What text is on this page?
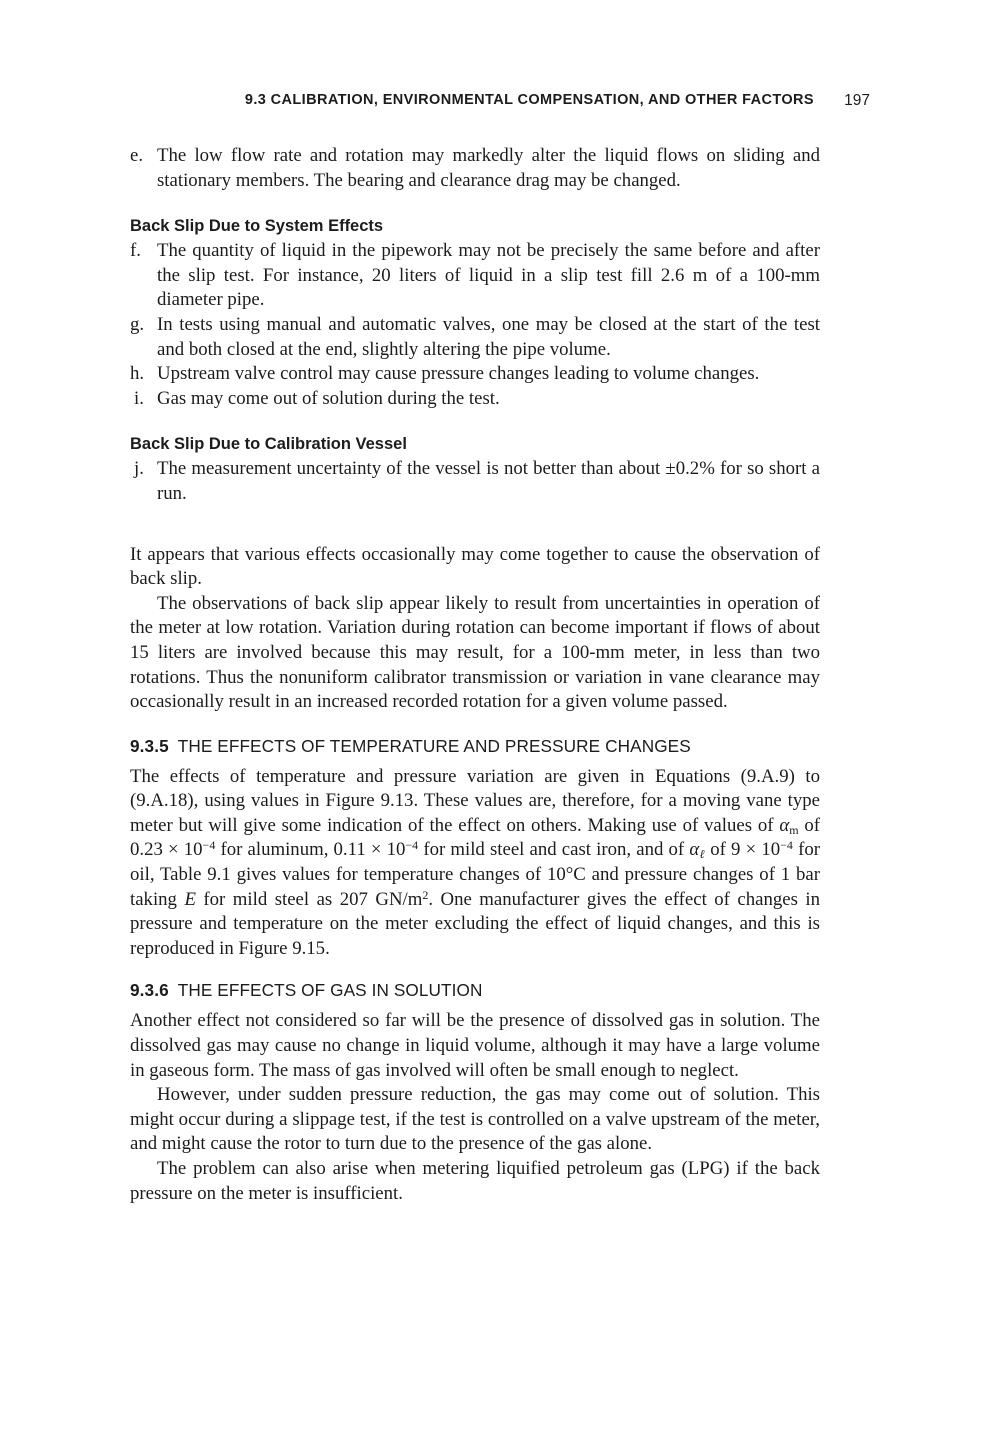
9.3 CALIBRATION, ENVIRONMENTAL COMPENSATION, AND OTHER FACTORS 197
e. The low flow rate and rotation may markedly alter the liquid flows on sliding and stationary members. The bearing and clearance drag may be changed.
Back Slip Due to System Effects
f. The quantity of liquid in the pipework may not be precisely the same before and after the slip test. For instance, 20 liters of liquid in a slip test fill 2.6 m of a 100-mm diameter pipe.
g. In tests using manual and automatic valves, one may be closed at the start of the test and both closed at the end, slightly altering the pipe volume.
h. Upstream valve control may cause pressure changes leading to volume changes.
i. Gas may come out of solution during the test.
Back Slip Due to Calibration Vessel
j. The measurement uncertainty of the vessel is not better than about ±0.2% for so short a run.

It appears that various effects occasionally may come together to cause the observation of back slip.

The observations of back slip appear likely to result from uncertainties in operation of the meter at low rotation. Variation during rotation can become important if flows of about 15 liters are involved because this may result, for a 100-mm meter, in less than two rotations. Thus the nonuniform calibrator transmission or variation in vane clearance may occasionally result in an increased recorded rotation for a given volume passed.

9.3.5 THE EFFECTS OF TEMPERATURE AND PRESSURE CHANGES

The effects of temperature and pressure variation are given in Equations (9.A.9) to (9.A.18), using values in Figure 9.13. These values are, therefore, for a moving vane type meter but will give some indication of the effect on others. Making use of values of $\alpha_m$ of $0.23 \times 10^{-4}$ for aluminum, $0.11 \times 10^{-4}$ for mild steel and cast iron, and of $\alpha_\ell$ of $9 \times 10^{-4}$ for oil, Table 9.1 gives values for temperature changes of 10°C and pressure changes of 1 bar taking E for mild steel as 207 $GN/m^2$. One manufacturer gives the effect of changes in pressure and temperature on the meter excluding the effect of liquid changes, and this is reproduced in Figure 9.15.

9.3.6 THE EFFECTS OF GAS IN SOLUTION

Another effect not considered so far will be the presence of dissolved gas in solution. The dissolved gas may cause no change in liquid volume, although it may have a large volume in gaseous form. The mass of gas involved will often be small enough to neglect.

However, under sudden pressure reduction, the gas may come out of solution. This might occur during a slippage test, if the test is controlled on a valve upstream of the meter, and might cause the rotor to turn due to the presence of the gas alone.

The problem can also arise when metering liquified petroleum gas (LPG) if the back pressure on the meter is insufficient.
